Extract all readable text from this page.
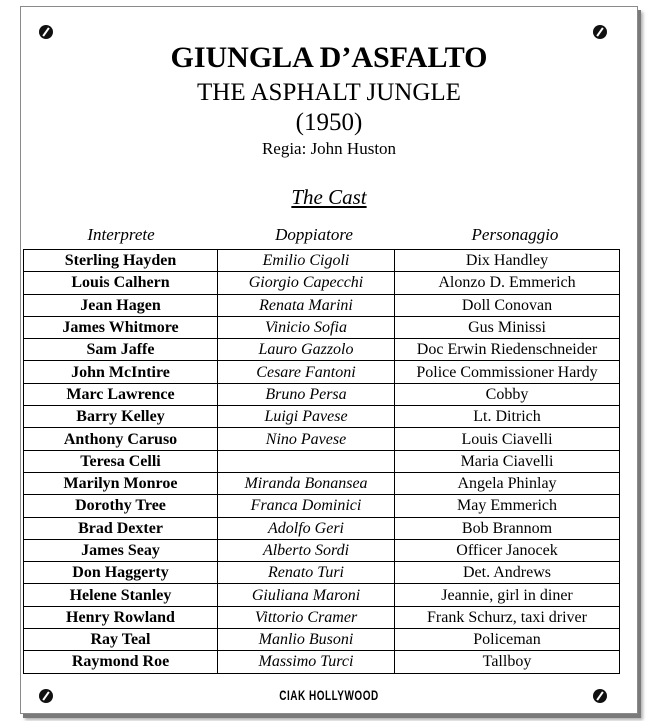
GIUNGLA D’ASFALTO
THE ASPHALT JUNGLE
(1950)
Regia: John Huston
The Cast
Interprete	Doppiatore	Personaggio
Sterling Hayden	Emilio Cigoli	Dix Handley
Louis Calhern	Giorgio Capecchi	Alonzo D. Emmerich
Jean Hagen	Renata Marini	Doll Conovan
James Whitmore	Vinicio Sofia	Gus Minissi
Sam Jaffe	Lauro Gazzolo	Doc Erwin Riedenschneider
John McIntire	Cesare Fantoni	Police Commissioner Hardy
Marc Lawrence	Bruno Persa	Cobby
Barry Kelley	Luigi Pavese	Lt. Ditrich
Anthony Caruso	Nino Pavese	Louis Ciavelli
Teresa Celli		Maria Ciavelli
Marilyn Monroe	Miranda Bonansea	Angela Phinlay
Dorothy Tree	Franca Dominici	May Emmerich
Brad Dexter	Adolfo Geri	Bob Brannom
James Seay	Alberto Sordi	Officer Janocek
Don Haggerty	Renato Turi	Det. Andrews
Helene Stanley	Giuliana Maroni	Jeannie, girl in diner
Henry Rowland	Vittorio Cramer	Frank Schurz, taxi driver
Ray Teal	Manlio Busoni	Policeman
Raymond Roe	Massimo Turci	Tallboy
CIAK HOLLYWOOD
